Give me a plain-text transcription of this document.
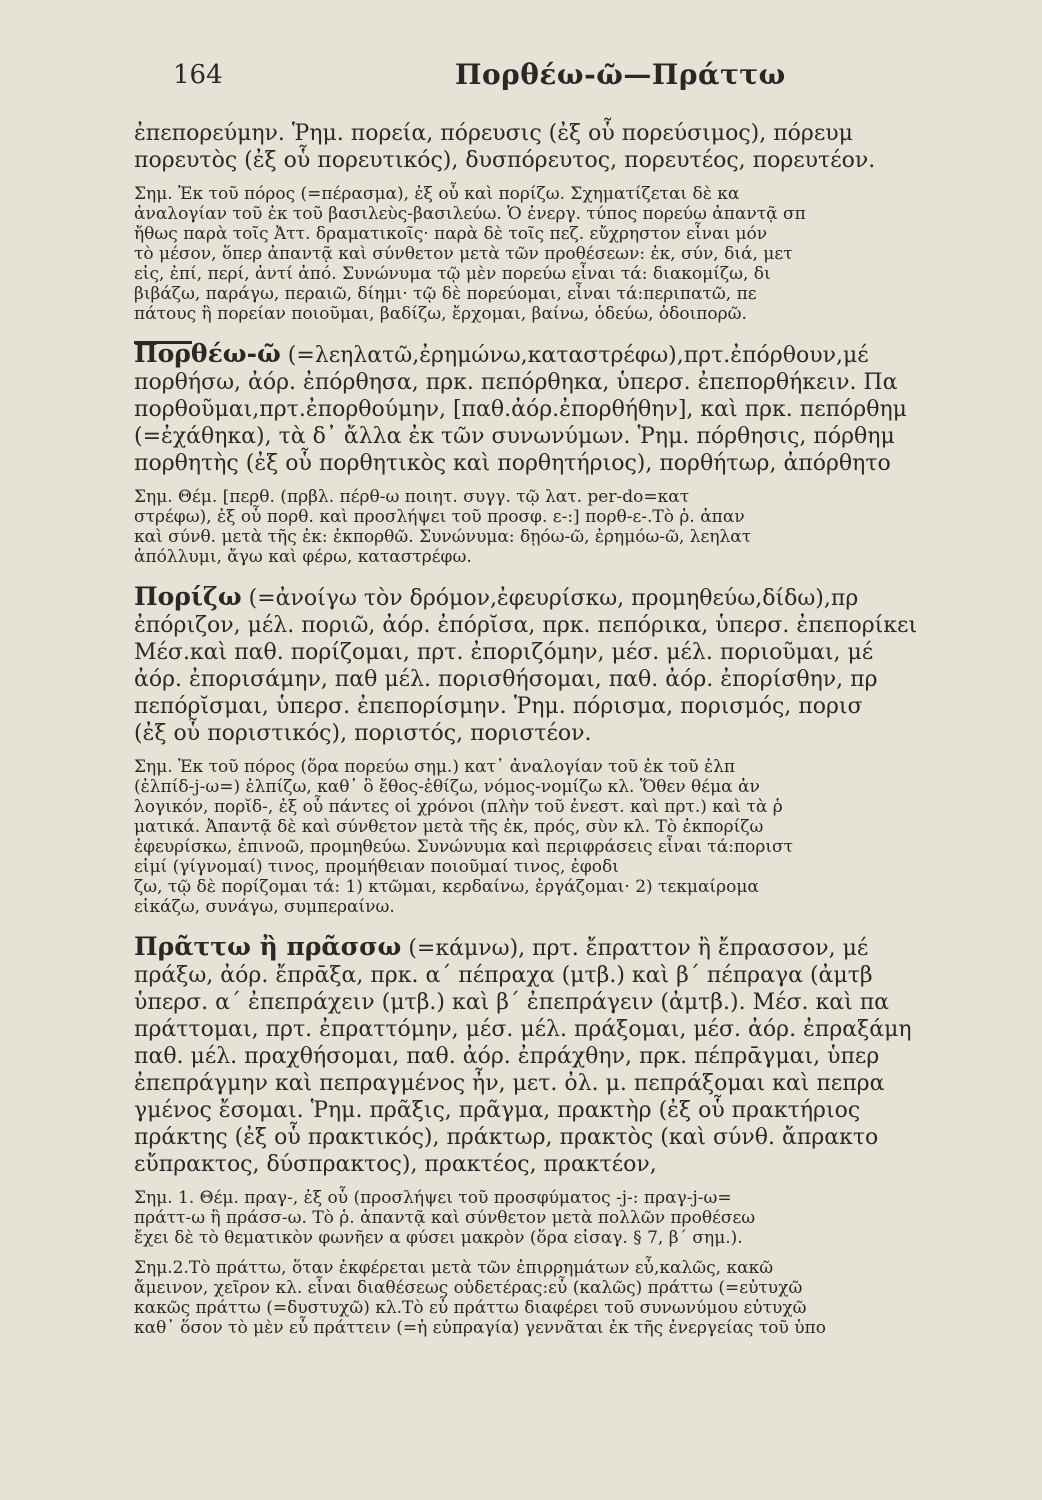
164	Πορθέω-ῶ—Πράττω
ἐπεπορεύμην. Ῥημ. πορεία, πόρευσις (ἐξ οὗ πορεύσιμος), πόρευμ
πορευτὸς (ἐξ οὗ πορευτικός), δυσπόρευτος, πορευτέος, πορευτέον.
Σημ. Ἐκ τοῦ πόρος (=πέρασμα), ἐξ οὗ καὶ πορίζω. Σχηματίζεται δὲ κα
ἀναλογίαν τοῦ ἐκ τοῦ βασιλεὺς-βασιλεύω. Ὁ ἐνεργ. τύπος πορεύω ἀπαντᾷ σπ
ἤθως παρὰ τοῖς Ἀττ. δραματικοῖς· παρὰ δὲ τοῖς πεζ. εὔχρηστον εἶναι μόν
τὸ μέσον, ὅπερ ἀπαντᾷ καὶ σύνθετον μετὰ τῶν προθέσεων: ἐκ, σύν, διά, μετ
εἰς, ἐπί, περί, ἀντί ἀπό. Συνώνυμα τῷ μὲν πορεύω εἶναι τά: διακομίζω, δι
βιβάζω, παράγω, περαιῶ, δίημι· τῷ δὲ πορεύομαι, εἶναι τά:περιπατῶ, πε
πάτους ἢ πορείαν ποιοῦμαι, βαδίζω, ἔρχομαι, βαίνω, ὁδεύω, ὁδοιπορῶ.
Πορθέω-ῶ (=λεηλατῶ,ἐρημώνω,καταστρέφω),πρτ.ἐπόρθουν,μέ
πορθήσω, ἀόρ. ἐπόρθησα, πρκ. πεπόρθηκα, ὑπερσ. ἐπεπορθήκειν. Πα
πορθοῦμαι,πρτ.ἐπορθούμην, [παθ.ἀόρ.ἐπορθήθην], καὶ πρκ. πεπόρθημ
(=ἐχάθηκα), τὰ δ᾽ ἄλλα ἐκ τῶν συνωνύμων. Ῥημ. πόρθησις, πόρθημ
πορθητὴς (ἐξ οὗ πορθητικὸς καὶ πορθητήριος), πορθήτωρ, ἀπόρθητο
Σημ. Θέμ. [περθ. (πρβλ. πέρθ-ω ποιητ. συγγ. τῷ λατ. per-do=κατ
στρέφω), ἐξ οὗ πορθ. καὶ προσλήψει τοῦ προσφ. ε-:] πορθ-ε-.Τὸ ῥ. ἀπαν
καὶ σύνθ. μετὰ τῆς ἐκ: ἐκπορθῶ. Συνώνυμα: δῃόω-ῶ, ἐρημόω-ῶ, λεηλατ
ἀπόλλυμι, ἄγω καὶ φέρω, καταστρέφω.
Πορίζω (=ἀνοίγω τὸν δρόμον,ἐφευρίσκω, προμηθεύω,δίδω),πρ
ἐπόριζον, μέλ. ποριῶ, ἀόρ. ἐπόρῐσα, πρκ. πεπόρικα, ὑπερσ. ἐπεπορίκει
Μέσ.καὶ παθ. πορίζομαι, πρτ. ἐποριζόμην, μέσ. μέλ. ποριοῦμαι, μέ
ἀόρ. ἐπορισάμην, παθ μέλ. πορισθήσομαι, παθ. ἀόρ. ἐπορίσθην, πρ
πεπόρῐσμαι, ὑπερσ. ἐπεπορίσμην. Ῥημ. πόρισμα, πορισμός, πορισ
(ἐξ οὗ ποριστικός), ποριστός, ποριστέον.
Σημ. Ἐκ τοῦ πόρος (ὅρα πορεύω σημ.) κατ᾽ ἀναλογίαν τοῦ ἐκ τοῦ ἐλπ
(ἐλπίδ-j-ω=) ἐλπίζω, καθ᾽ ὃ ἔθος-ἐθίζω, νόμος-νομίζω κλ. Ὅθεν θέμα ἀν
λογικόν, πορῐδ-, ἐξ οὗ πάντες οἱ χρόνοι (πλὴν τοῦ ἐνεστ. καὶ πρτ.) καὶ τὰ ῥ
ματικά. Ἀπαντᾷ δὲ καὶ σύνθετον μετὰ τῆς ἐκ, πρός, σὺν κλ. Τὸ ἐκπορίζω
ἐφευρίσκω, ἐπινοῶ, προμηθεύω. Συνώνυμα καὶ περιφράσεις εἶναι τά:ποριστ
εἰμί (γίγνομαί) τινος, προμήθειαν ποιοῦμαί τινος, ἐφοδι
ζω, τῷ δὲ πορίζομαι τά: 1) κτῶμαι, κερδαίνω, ἐργάζομαι· 2) τεκμαίρομα
εἰκάζω, συνάγω, συμπεραίνω.
Πρᾶττω ἢ πρᾶσσω (=κάμνω), πρτ. ἔπραττον ἢ ἔπρασσον, μέ
πράξω, ἀόρ. ἔπρᾱξα, πρκ. α´ πέπραχα (μτβ.) καὶ β´ πέπραγα (ἀμτβ
ὑπερσ. α´ ἐπεπράχειν (μτβ.) καὶ β´ ἐπεπράγειν (ἀμτβ.). Μέσ. καὶ πα
πράττομαι, πρτ. ἐπραττόμην, μέσ. μέλ. πράξομαι, μέσ. ἀόρ. ἐπραξάμη
παθ. μέλ. πραχθήσομαι, παθ. ἀόρ. ἐπράχθην, πρκ. πέπρᾱγμαι, ὑπερ
ἐπεπράγμην καὶ πεπραγμένος ἦν, μετ. ὀλ. μ. πεπράξομαι καὶ πεπρα
γμένος ἔσομαι. Ῥημ. πρᾶξις, πρᾶγμα, πρακτὴρ (ἐξ οὗ πρακτήριος
πράκτης (ἐξ οὗ πρακτικός), πράκτωρ, πρακτὸς (καὶ σύνθ. ἄπρακτο
εὔπρακτος, δύσπρακτος), πρακτέος, πρακτέον,
Σημ. 1. Θέμ. πραγ-, ἐξ οὗ (προσλήψει τοῦ προσφύματος -j-: πραγ-j-ω=
πράττ-ω ἢ πράσσ-ω. Τὸ ῥ. ἀπαντᾷ καὶ σύνθετον μετὰ πολλῶν προθέσεω
ἔχει δὲ τὸ θεματικὸν φωνῆεν α φύσει μακρὸν (ὅρα εἰσαγ. § 7, β´ σημ.).
Σημ.2.Τὸ πράττω, ὅταν ἐκφέρεται μετὰ τῶν ἐπιρρημάτων εὖ,καλῶς, κακῶ
ἄμεινον, χεῖρον κλ. εἶναι διαθέσεως οὐδετέρας:εὖ (καλῶς) πράττω (=εὐτυχῶ
κακῶς πράττω (=δυστυχῶ) κλ.Τὸ εὖ πράττω διαφέρει τοῦ συνωνύμου εὐτυχῶ
καθ᾽ ὅσον τὸ μὲν εὖ πράττειν (=ἡ εὐπραγία) γεννᾶται ἐκ τῆς ἐνεργείας τοῦ ὑπο
